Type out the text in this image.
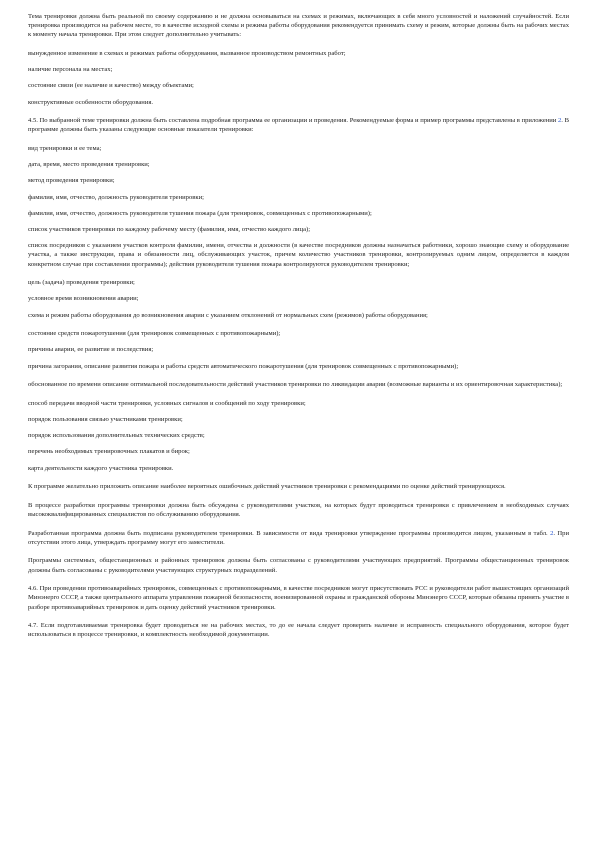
Тема тренировки должна быть реальной по своему содержанию и не должна основываться на схемах и режимах, включающих в себя много условностей и наложений случайностей. Если тренировка производится на рабочем месте, то в качестве исходной схемы и режима работы оборудования рекомендуется принимать схему и режим, которые должны быть на рабочих местах к моменту начала тренировки. При этом следует дополнительно учитывать:

вынужденное изменение в схемах и режимах работы оборудования, вызванное производством ремонтных работ;

наличие персонала на местах;

состояние связи (ее наличие и качество) между объектами;

конструктивные особенности оборудования.

4.5. По выбранной теме тренировки должна быть составлена подробная программа ее организации и проведения. Рекомендуемые форма и пример программы представлены в приложении 2. В программе должны быть указаны следующие основные показатели тренировки:

вид тренировки и ее тема;

дата, время, место проведения тренировки;

метод проведения тренировки;

фамилия, имя, отчество, должность руководителя тренировки;

фамилия, имя, отчество, должность руководителя тушения пожара (для тренировок, совмещенных с противопожарными);

список участников тренировки по каждому рабочему месту (фамилия, имя, отчество каждого лица);

список посредников с указанием участков контроля фамилии, имени, отчества и должности (в качестве посредников должны назначаться работники, хорошо знающие схему и оборудование участка, а также инструкции, права и обязанности лиц, обслуживающих участок, причем количество участников тренировки, контролируемых одним лицом, определяется в каждом конкретном случае при составлении программы); действия руководителя тушения пожара контролируются руководителем тренировки;

цель (задача) проведения тренировки;

условное время возникновения аварии;

схема и режим работы оборудования до возникновения аварии с указанием отклонений от нормальных схем (режимов) работы оборудования;

состояние средств пожаротушения (для тренировок совмещенных с противопожарными);

причины аварии, ее развитие и последствия;

причина загорания, описание развития пожара и работы средств автоматического пожаротушения (для тренировок совмещенных с противопожарными);

обоснованное по времени описание оптимальной последовательности действий участников тренировки по ликвидации аварии (возможные варианты и их ориентировочная характеристика);

способ передачи вводной части тренировки, условных сигналов и сообщений по ходу тренировки;

порядок пользования связью участниками тренировки;

порядок использования дополнительных технических средств;

перечень необходимых тренировочных плакатов и бирок;

карта деятельности каждого участника тренировки.

К программе желательно приложить описание наиболее вероятных ошибочных действий участников тренировки с рекомендациями по оценке действий тренирующихся.

В процессе разработки программы тренировки должна быть обсуждена с руководителями участков, на которых будут проводиться тренировки с привлечением в необходимых случаях высококвалифицированных специалистов по обслуживанию оборудования.

Разработанная программа должна быть подписана руководителем тренировки. В зависимости от вида тренировки утверждение программы производится лицом, указанным в табл. 2. При отсутствии этого лица, утверждать программу могут его заместители.

Программы системных, общестанционных и районных тренировок должны быть согласованы с руководителями участвующих предприятий. Программы общестанционных тренировок должны быть согласованы с руководителями участвующих структурных подразделений.

4.6. При проведении противоаварийных тренировок, совмещенных с противопожарными, в качестве посредников могут присутствовать РСС и руководители работ вышестоящих организаций Минэнерго СССР, а также центрального аппарата управления пожарной безопасности, военизированной охраны и гражданской обороны Минэнерго СССР, которые обязаны принять участие в разборе противоаварийных тренировок и дать оценку действий участников тренировки.

4.7. Если подготавливаемая тренировка будет проводиться не на рабочих местах, то до ее начала следует проверить наличие и исправность специального оборудования, которое будет использоваться в процессе тренировки, и комплектность необходимой документации.
